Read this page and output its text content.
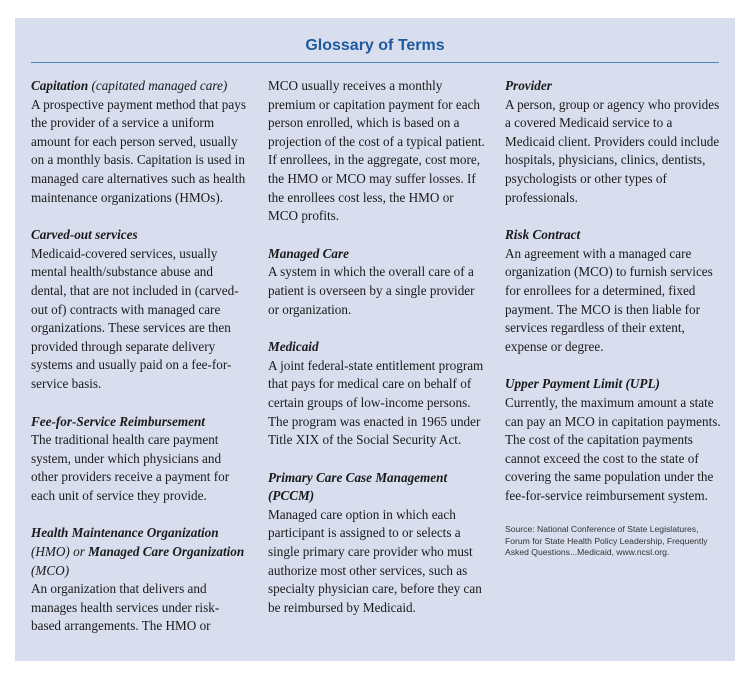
Glossary of Terms
Capitation (capitated managed care)
A prospective payment method that pays the provider of a service a uniform amount for each person served, usually on a monthly basis. Capitation is used in managed care alternatives such as health maintenance organizations (HMOs).
Carved-out services
Medicaid-covered services, usually mental health/substance abuse and dental, that are not included in (carved-out of) contracts with managed care organizations. These services are then provided through separate delivery systems and usually paid on a fee-for-service basis.
Fee-for-Service Reimbursement
The traditional health care payment system, under which physicians and other providers receive a payment for each unit of service they provide.
Health Maintenance Organization (HMO) or Managed Care Organization (MCO)
An organization that delivers and manages health services under risk-based arrangements. The HMO or
MCO usually receives a monthly premium or capitation payment for each person enrolled, which is based on a projection of the cost of a typical patient. If enrollees, in the aggregate, cost more, the HMO or MCO may suffer losses. If the enrollees cost less, the HMO or MCO profits.
Managed Care
A system in which the overall care of a patient is overseen by a single provider or organization.
Medicaid
A joint federal-state entitlement program that pays for medical care on behalf of certain groups of low-income persons. The program was enacted in 1965 under Title XIX of the Social Security Act.
Primary Care Case Management (PCCM)
Managed care option in which each participant is assigned to or selects a single primary care provider who must authorize most other services, such as specialty physician care, before they can be reimbursed by Medicaid.
Provider
A person, group or agency who provides a covered Medicaid service to a Medicaid client. Providers could include hospitals, physicians, clinics, dentists, psychologists or other types of professionals.
Risk Contract
An agreement with a managed care organization (MCO) to furnish services for enrollees for a determined, fixed payment. The MCO is then liable for services regardless of their extent, expense or degree.
Upper Payment Limit (UPL)
Currently, the maximum amount a state can pay an MCO in capitation payments. The cost of the capitation payments cannot exceed the cost to the state of covering the same population under the fee-for-service reimbursement system.
Source: National Conference of State Legislatures, Forum for State Health Policy Leadership, Frequently Asked Questions...Medicaid, www.ncsl.org.
